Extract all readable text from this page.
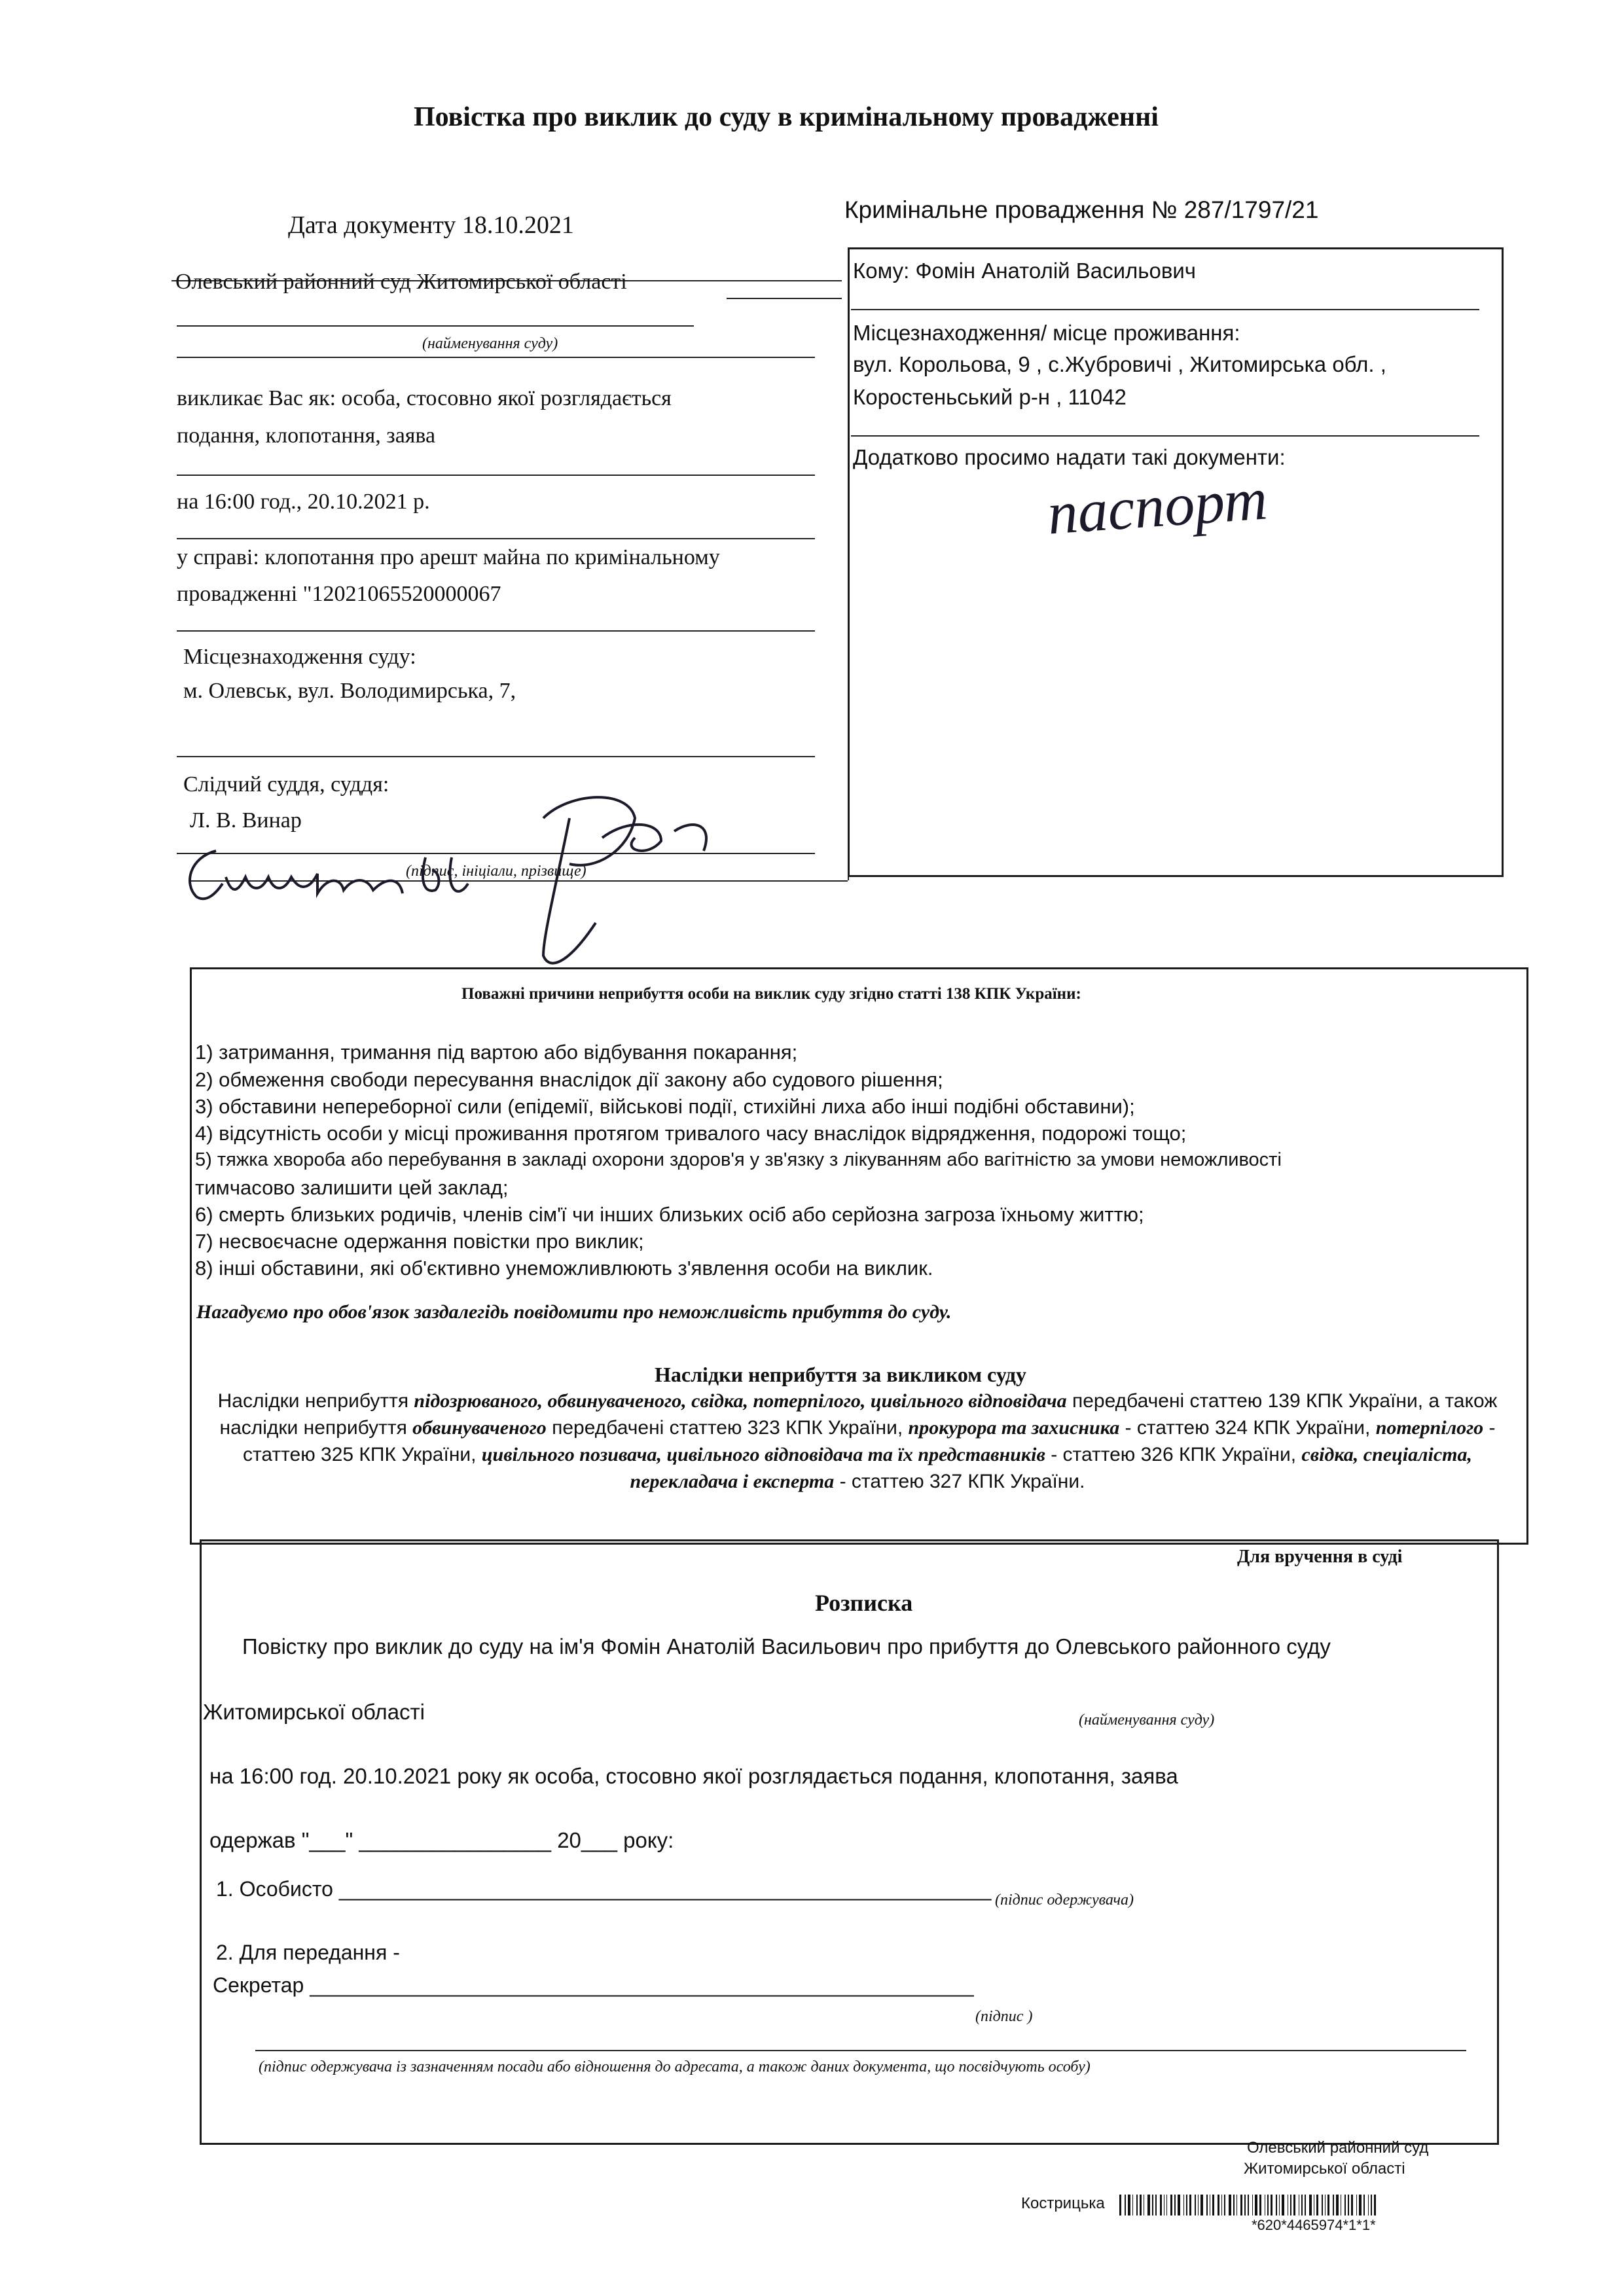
Повістка про виклик до суду в кримінальному провадженні
Дата документу 18.10.2021
Кримінальне провадження № 287/1797/21
Олевський районний суд Житомирської області
(найменування суду)
викликає Вас як: особа, стосовно якої розглядається
подання, клопотання, заява
на 16:00 год., 20.10.2021 р.
у справі: клопотання про арешт майна по кримінальному
провадженні "12021065520000067
Місцезнаходження суду:
м. Олевськ, вул. Володимирська, 7,
Слідчий суддя, суддя:
Л. В. Винар
(підпис, ініціали, прізвище)
Кому: Фомін Анатолій Васильович
Місцезнаходження/ місце проживання:
вул. Корольова, 9 , с.Жубровичі , Житомирська обл. ,
Коростеньський р-н , 11042
Додатково просимо надати такі документи:
паспорт
Поважні причини неприбуття особи на виклик суду згідно статті 138 КПК України:
1) затримання, тримання під вартою або відбування покарання;
2) обмеження свободи пересування внаслідок дії закону або судового рішення;
3) обставини непереборної сили (епідемії, військові події, стихійні лиха або інші подібні обставини);
4) відсутність особи у місці проживання протягом тривалого часу внаслідок відрядження, подорожі тощо;
5) тяжка хвороба або перебування в закладі охорони здоров'я у зв'язку з лікуванням або вагітністю за умови неможливості
тимчасово залишити цей заклад;
6) смерть близьких родичів, членів сім'ї чи інших близьких осіб або серйозна загроза їхньому життю;
7) несвоєчасне одержання повістки про виклик;
8) інші обставини, які об'єктивно унеможливлюють з'явлення особи на виклик.
Нагадуємо про обов'язок заздалегідь повідомити про неможливість прибуття до суду.
Наслідки неприбуття за викликом суду
Наслідки неприбуття підозрюваного, обвинуваченого, свідка, потерпілого, цивільного відповідача передбачені статтею 139 КПК України, а також наслідки неприбуття обвинуваченого передбачені статтею 323 КПК України, прокурора та захисника - статтею 324 КПК України, потерпілого - статтею 325 КПК України, цивільного позивача, цивільного відповідача та їх представників - статтею 326 КПК України, свідка, спеціаліста, перекладача і експерта - статтею 327 КПК України.
Для вручення в суді
Розписка
Повістку про виклик до суду на ім'я Фомін Анатолій Васильович про прибуття до Олевського районного суду
Житомирської області	(найменування суду)
на 16:00 год. 20.10.2021 року як особа, стосовно якої розглядається подання, клопотання, заява
одержав "___" ________________ 20___ року:
1. Особисто ________________________________________________________ (підпис одержувача)
2. Для передання -
Секретар _________________________________________________________
(підпис )
(підпис одержувача із зазначенням посади або відношення до адресата, а також даних документа, що посвідчують особу)
Олевський районний суд
Житомирської області
Кострицька
*620*4465974*1*1*
